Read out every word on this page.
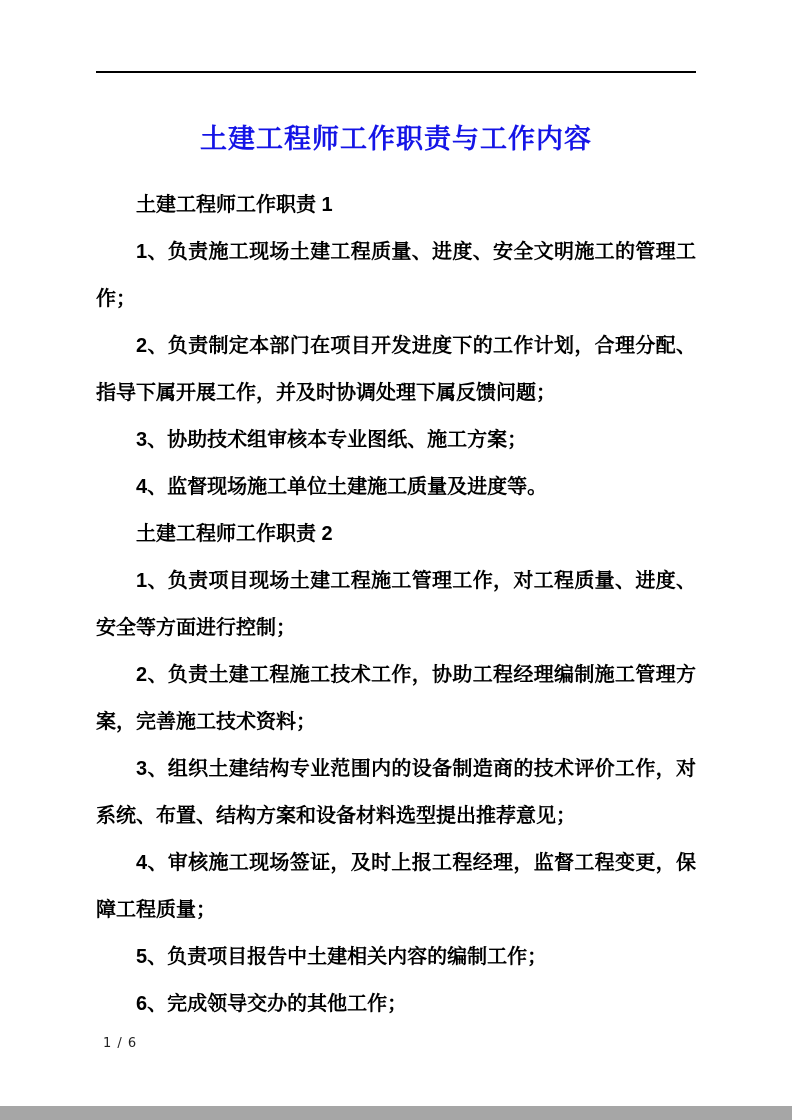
土建工程师工作职责与工作内容

土建工程师工作职责 1

1、负责施工现场土建工程质量、进度、安全文明施工的管理工作；

2、负责制定本部门在项目开发进度下的工作计划，合理分配、指导下属开展工作，并及时协调处理下属反馈问题；

3、协助技术组审核本专业图纸、施工方案；

4、监督现场施工单位土建施工质量及进度等。

土建工程师工作职责 2

1、负责项目现场土建工程施工管理工作，对工程质量、进度、安全等方面进行控制；

2、负责土建工程施工技术工作，协助工程经理编制施工管理方案，完善施工技术资料；

3、组织土建结构专业范围内的设备制造商的技术评价工作，对系统、布置、结构方案和设备材料选型提出推荐意见；

4、审核施工现场签证，及时上报工程经理，监督工程变更，保障工程质量；

5、负责项目报告中土建相关内容的编制工作；

6、完成领导交办的其他工作；

1 / 6
